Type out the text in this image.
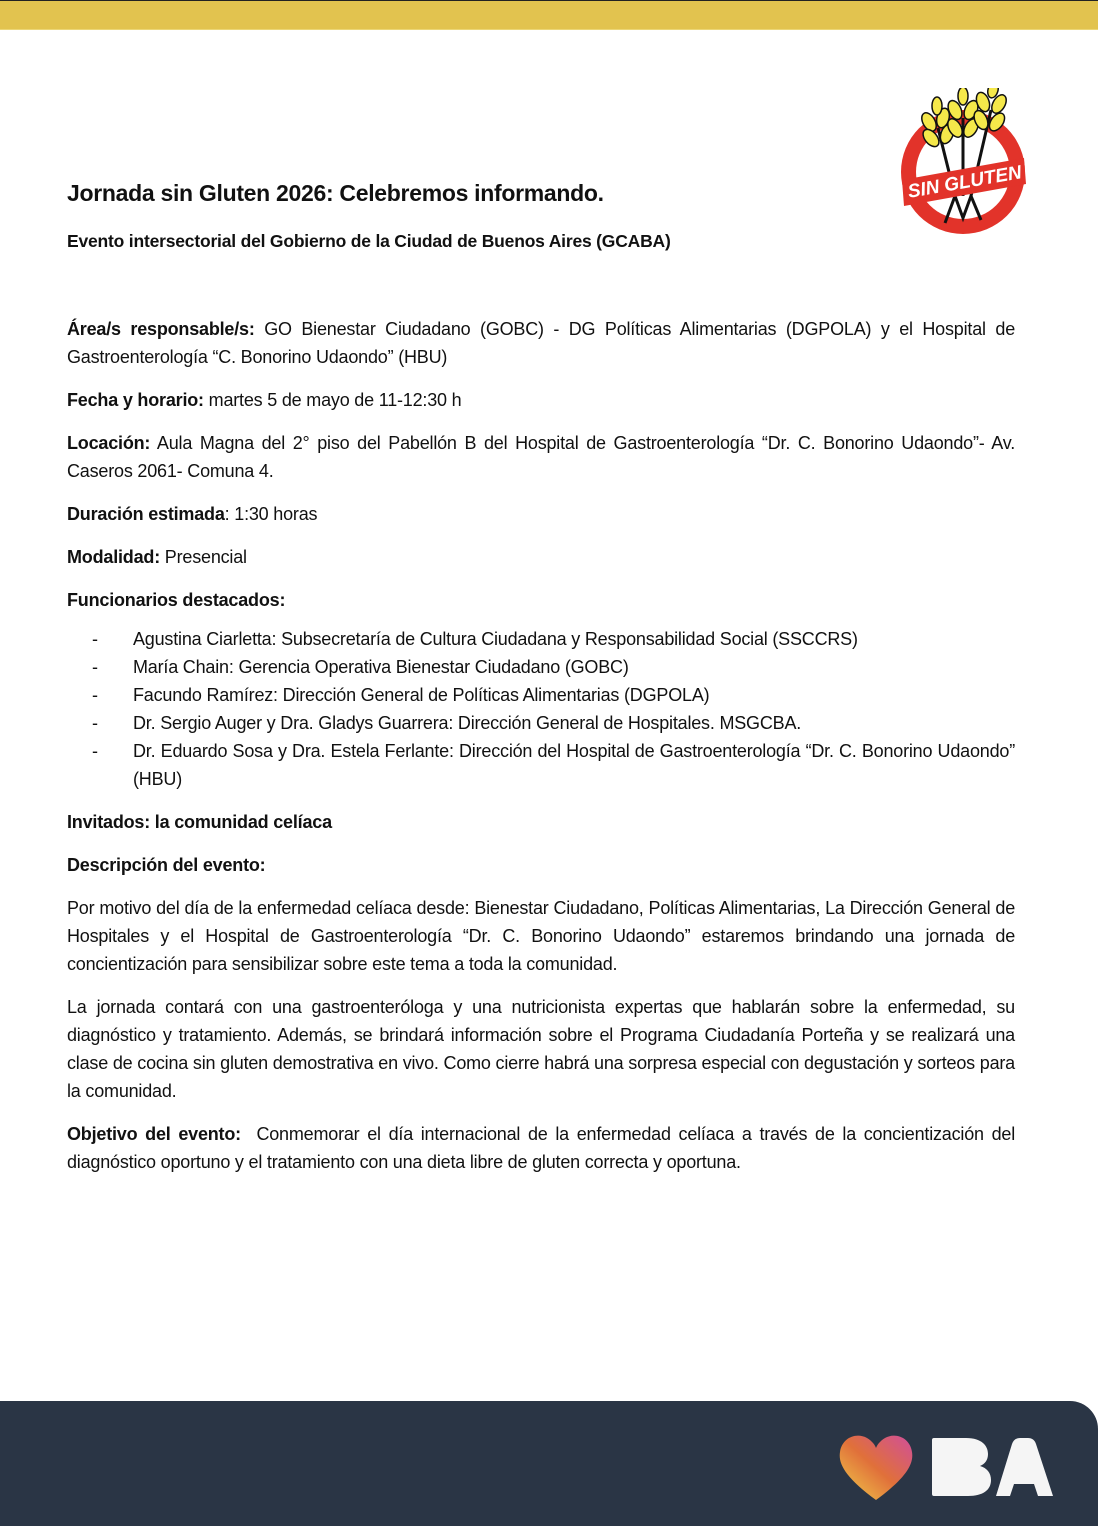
SIN GLUTEN
Jornada sin Gluten 2026: Celebremos informando.
Evento intersectorial del Gobierno de la Ciudad de Buenos Aires (GCABA)

Área/s responsable/s: GO Bienestar Ciudadano (GOBC) - DG Políticas Alimentarias (DGPOLA) y el Hospital de Gastroenterología “C. Bonorino Udaondo” (HBU)

Fecha y horario: martes 5 de mayo de 11-12:30 h

Locación: Aula Magna del 2° piso del Pabellón B del Hospital de Gastroenterología “Dr. C. Bonorino Udaondo”- Av. Caseros 2061- Comuna 4.

Duración estimada: 1:30 horas

Modalidad: Presencial

Funcionarios destacados:

- Agustina Ciarletta: Subsecretaría de Cultura Ciudadana y Responsabilidad Social (SSCCRS)
- María Chain: Gerencia Operativa Bienestar Ciudadano (GOBC)
- Facundo Ramírez: Dirección General de Políticas Alimentarias (DGPOLA)
- Dr. Sergio Auger y Dra. Gladys Guarrera: Dirección General de Hospitales. MSGCBA.
- Dr. Eduardo Sosa y Dra. Estela Ferlante: Dirección del Hospital de Gastroenterología “Dr. C. Bonorino Udaondo” (HBU)

Invitados: la comunidad celíaca

Descripción del evento:

Por motivo del día de la enfermedad celíaca desde: Bienestar Ciudadano, Políticas Alimentarias, La Dirección General de Hospitales y el Hospital de Gastroenterología “Dr. C. Bonorino Udaondo” estaremos brindando una jornada de concientización para sensibilizar sobre este tema a toda la comunidad.

La jornada contará con una gastroenteróloga y una nutricionista expertas que hablarán sobre la enfermedad, su diagnóstico y tratamiento. Además, se brindará información sobre el Programa Ciudadanía Porteña y se realizará una clase de cocina sin gluten demostrativa en vivo. Como cierre habrá una sorpresa especial con degustación y sorteos para la comunidad.

Objetivo del evento:  Conmemorar el día internacional de la enfermedad celíaca a través de la concientización del diagnóstico oportuno y el tratamiento con una dieta libre de gluten correcta y oportuna.

BA
